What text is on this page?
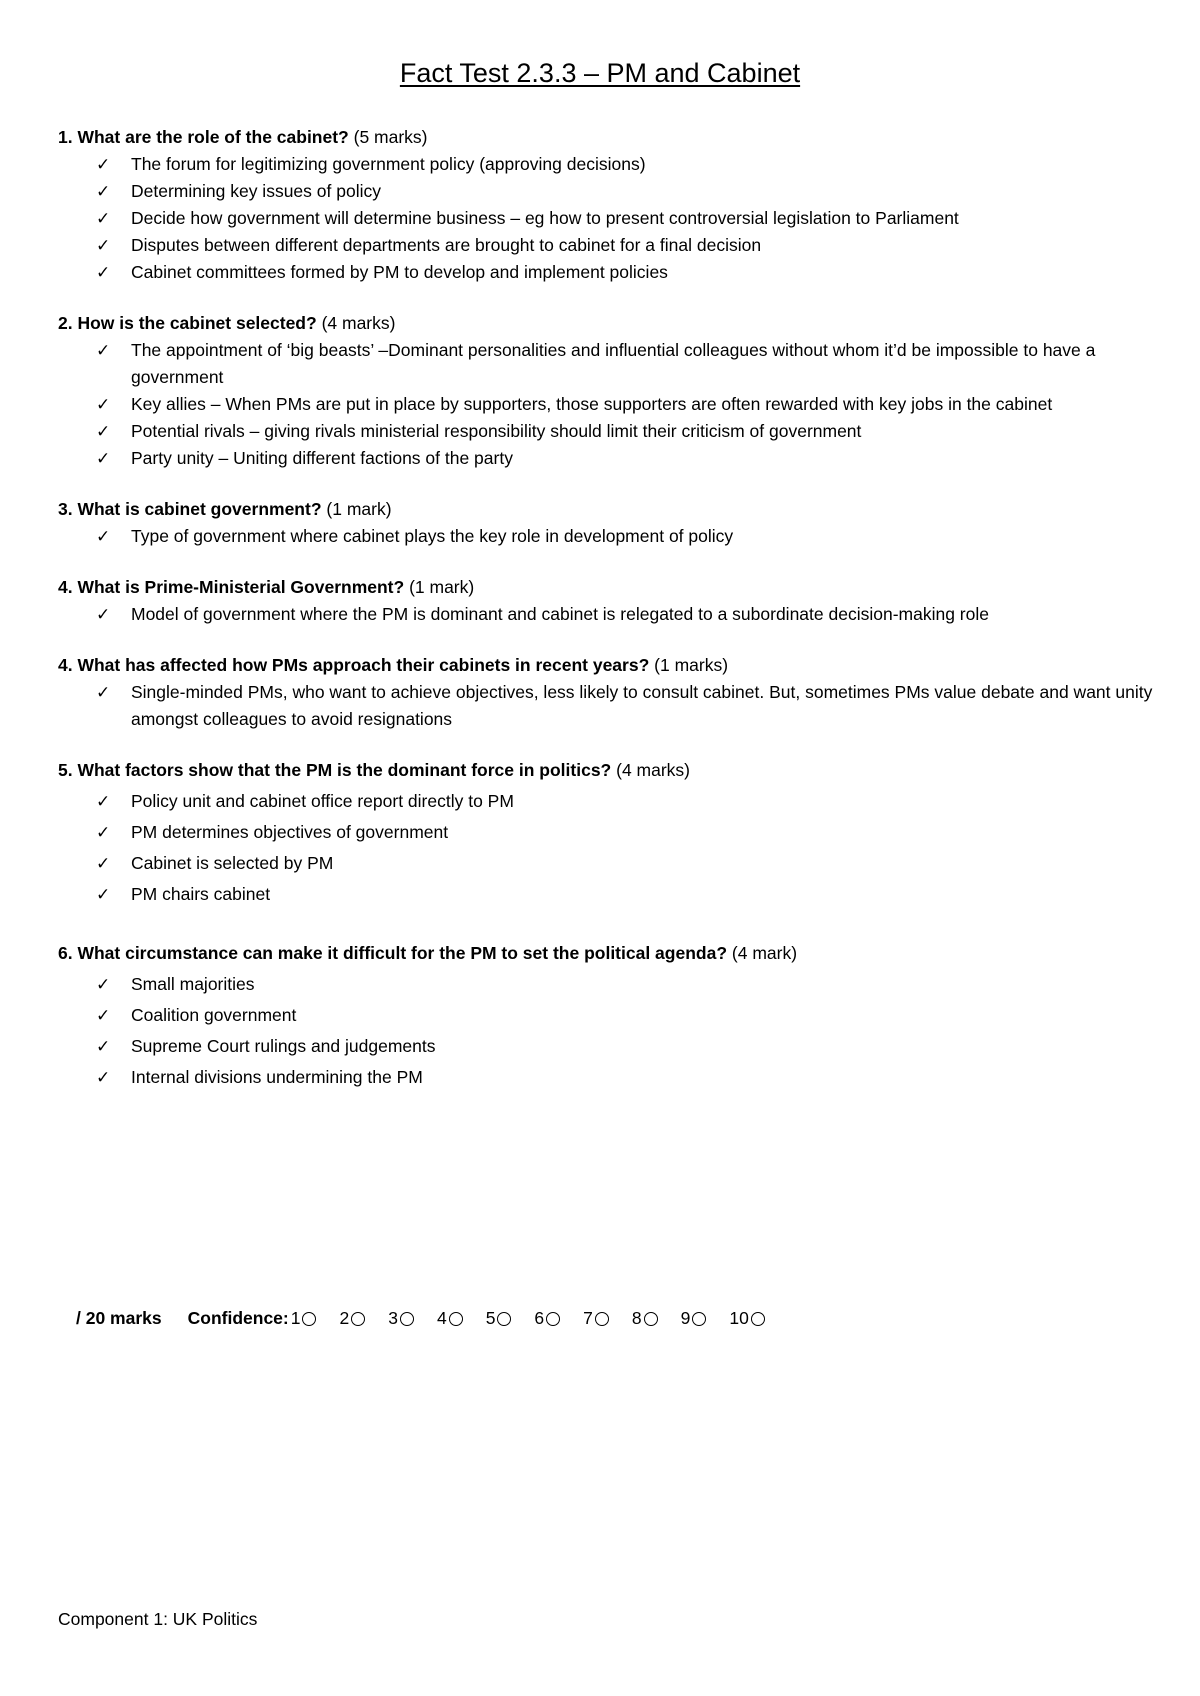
Fact Test 2.3.3 – PM and Cabinet
1. What are the role of the cabinet? (5 marks)
✓ The forum for legitimizing government policy (approving decisions)
✓ Determining key issues of policy
✓ Decide how government will determine business – eg how to present controversial legislation to Parliament
✓ Disputes between different departments are brought to cabinet for a final decision
✓ Cabinet committees formed by PM to develop and implement policies
2. How is the cabinet selected? (4 marks)
✓ The appointment of ‘big beasts’ –Dominant personalities and influential colleagues without whom it’d be impossible to have a government
✓ Key allies – When PMs are put in place by supporters, those supporters are often rewarded with key jobs in the cabinet
✓ Potential rivals – giving rivals ministerial responsibility should limit their criticism of government
✓ Party unity – Uniting different factions of the party
3. What is cabinet government? (1 mark)
✓ Type of government where cabinet plays the key role in development of policy
4. What is Prime-Ministerial Government? (1 mark)
✓ Model of government where the PM is dominant and cabinet is relegated to a subordinate decision-making role
4. What has affected how PMs approach their cabinets in recent years? (1 marks)
✓ Single-minded PMs, who want to achieve objectives, less likely to consult cabinet. But, sometimes PMs value debate and want unity amongst colleagues to avoid resignations
5. What factors show that the PM is the dominant force in politics? (4 marks)
✓ Policy unit and cabinet office report directly to PM
✓ PM determines objectives of government
✓ Cabinet is selected by PM
✓ PM chairs cabinet
6. What circumstance can make it difficult for the PM to set the political agenda? (4 mark)
✓ Small majorities
✓ Coalition government
✓ Supreme Court rulings and judgements
✓ Internal divisions undermining the PM
/ 20 marks Confidence: 1 2 3 4 5 6 7 8 9 10
Component 1: UK Politics
